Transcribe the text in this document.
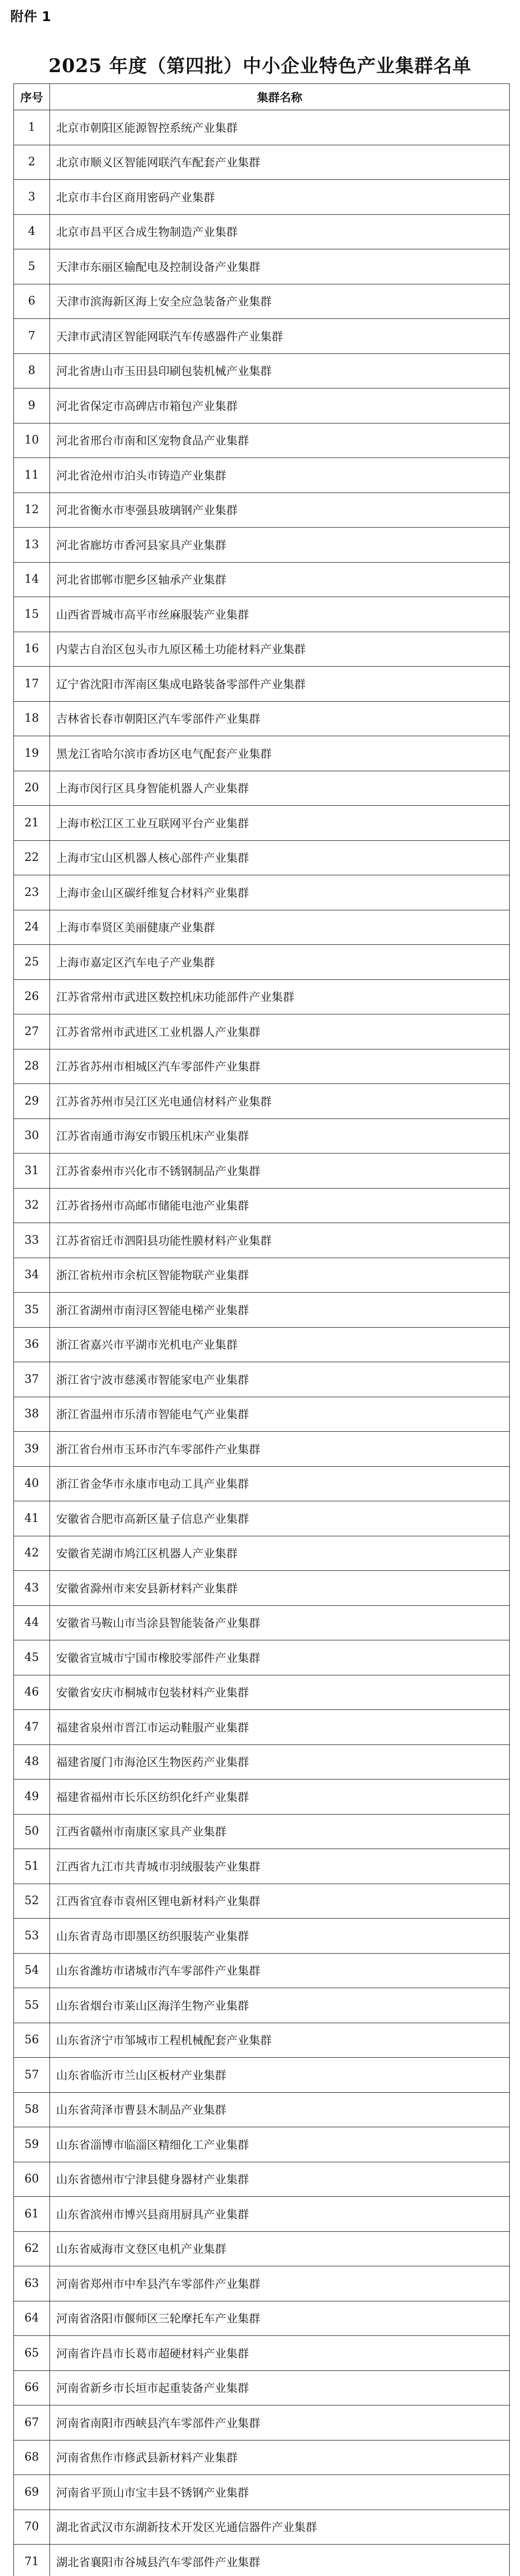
附件 1
2025 年度（第四批）中小企业特色产业集群名单
序号	集群名称
1	北京市朝阳区能源智控系统产业集群
2	北京市顺义区智能网联汽车配套产业集群
3	北京市丰台区商用密码产业集群
4	北京市昌平区合成生物制造产业集群
5	天津市东丽区输配电及控制设备产业集群
6	天津市滨海新区海上安全应急装备产业集群
7	天津市武清区智能网联汽车传感器件产业集群
8	河北省唐山市玉田县印刷包装机械产业集群
9	河北省保定市高碑店市箱包产业集群
10	河北省邢台市南和区宠物食品产业集群
11	河北省沧州市泊头市铸造产业集群
12	河北省衡水市枣强县玻璃钢产业集群
13	河北省廊坊市香河县家具产业集群
14	河北省邯郸市肥乡区轴承产业集群
15	山西省晋城市高平市丝麻服装产业集群
16	内蒙古自治区包头市九原区稀土功能材料产业集群
17	辽宁省沈阳市浑南区集成电路装备零部件产业集群
18	吉林省长春市朝阳区汽车零部件产业集群
19	黑龙江省哈尔滨市香坊区电气配套产业集群
20	上海市闵行区具身智能机器人产业集群
21	上海市松江区工业互联网平台产业集群
22	上海市宝山区机器人核心部件产业集群
23	上海市金山区碳纤维复合材料产业集群
24	上海市奉贤区美丽健康产业集群
25	上海市嘉定区汽车电子产业集群
26	江苏省常州市武进区数控机床功能部件产业集群
27	江苏省常州市武进区工业机器人产业集群
28	江苏省苏州市相城区汽车零部件产业集群
29	江苏省苏州市吴江区光电通信材料产业集群
30	江苏省南通市海安市锻压机床产业集群
31	江苏省泰州市兴化市不锈钢制品产业集群
32	江苏省扬州市高邮市储能电池产业集群
33	江苏省宿迁市泗阳县功能性膜材料产业集群
34	浙江省杭州市余杭区智能物联产业集群
35	浙江省湖州市南浔区智能电梯产业集群
36	浙江省嘉兴市平湖市光机电产业集群
37	浙江省宁波市慈溪市智能家电产业集群
38	浙江省温州市乐清市智能电气产业集群
39	浙江省台州市玉环市汽车零部件产业集群
40	浙江省金华市永康市电动工具产业集群
41	安徽省合肥市高新区量子信息产业集群
42	安徽省芜湖市鸠江区机器人产业集群
43	安徽省滁州市来安县新材料产业集群
44	安徽省马鞍山市当涂县智能装备产业集群
45	安徽省宣城市宁国市橡胶零部件产业集群
46	安徽省安庆市桐城市包装材料产业集群
47	福建省泉州市晋江市运动鞋服产业集群
48	福建省厦门市海沧区生物医药产业集群
49	福建省福州市长乐区纺织化纤产业集群
50	江西省赣州市南康区家具产业集群
51	江西省九江市共青城市羽绒服装产业集群
52	江西省宜春市袁州区锂电新材料产业集群
53	山东省青岛市即墨区纺织服装产业集群
54	山东省潍坊市诸城市汽车零部件产业集群
55	山东省烟台市莱山区海洋生物产业集群
56	山东省济宁市邹城市工程机械配套产业集群
57	山东省临沂市兰山区板材产业集群
58	山东省菏泽市曹县木制品产业集群
59	山东省淄博市临淄区精细化工产业集群
60	山东省德州市宁津县健身器材产业集群
61	山东省滨州市博兴县商用厨具产业集群
62	山东省威海市文登区电机产业集群
63	河南省郑州市中牟县汽车零部件产业集群
64	河南省洛阳市偃师区三轮摩托车产业集群
65	河南省许昌市长葛市超硬材料产业集群
66	河南省新乡市长垣市起重装备产业集群
67	河南省南阳市西峡县汽车零部件产业集群
68	河南省焦作市修武县新材料产业集群
69	河南省平顶山市宝丰县不锈钢产业集群
70	湖北省武汉市东湖新技术开发区光通信器件产业集群
71	湖北省襄阳市谷城县汽车零部件产业集群
